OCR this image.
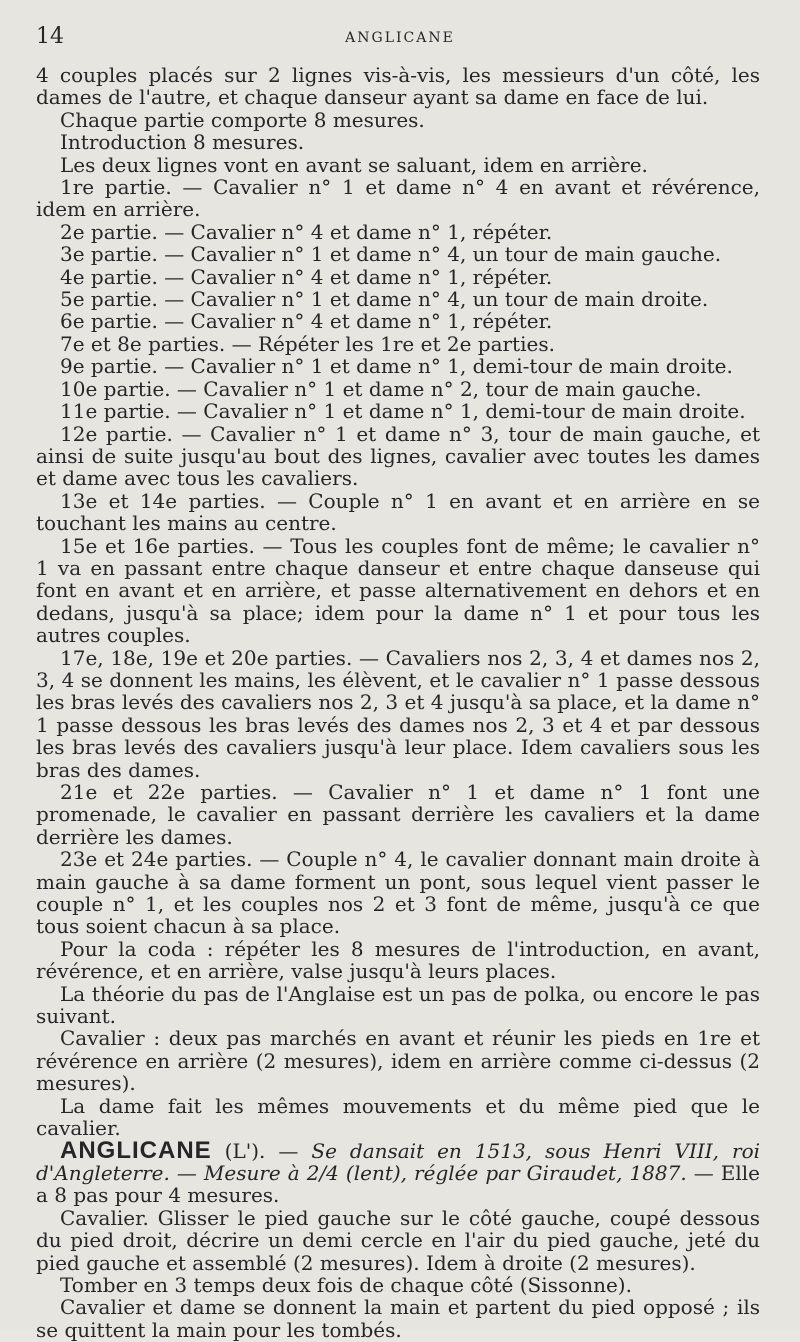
14	ANGLICANE

4 couples placés sur 2 lignes vis-à-vis, les messieurs d'un côté, les dames de l'autre, et chaque danseur ayant sa dame en face de lui.

Chaque partie comporte 8 mesures.

Introduction 8 mesures.

Les deux lignes vont en avant se saluant, idem en arrière.

1re partie. — Cavalier n° 1 et dame n° 4 en avant et révérence, idem en arrière.

2e partie. — Cavalier n° 4 et dame n° 1, répéter.

3e partie. — Cavalier n° 1 et dame n° 4, un tour de main gauche.

4e partie. — Cavalier n° 4 et dame n° 1, répéter.

5e partie. — Cavalier n° 1 et dame n° 4, un tour de main droite.

6e partie. — Cavalier n° 4 et dame n° 1, répéter.

7e et 8e parties. — Répéter les 1re et 2e parties.

9e partie. — Cavalier n° 1 et dame n° 1, demi-tour de main droite.

10e partie. — Cavalier n° 1 et dame n° 2, tour de main gauche.

11e partie. — Cavalier n° 1 et dame n° 1, demi-tour de main droite.

12e partie. — Cavalier n° 1 et dame n° 3, tour de main gauche, et ainsi de suite jusqu'au bout des lignes, cavalier avec toutes les dames et dame avec tous les cavaliers.

13e et 14e parties. — Couple n° 1 en avant et en arrière en se touchant les mains au centre.

15e et 16e parties. — Tous les couples font de même; le cavalier n° 1 va en passant entre chaque danseur et entre chaque danseuse qui font en avant et en arrière, et passe alternativement en dehors et en dedans, jusqu'à sa place; idem pour la dame n° 1 et pour tous les autres couples.

17e, 18e, 19e et 20e parties. — Cavaliers nos 2, 3, 4 et dames nos 2, 3, 4 se donnent les mains, les élèvent, et le cavalier n° 1 passe dessous les bras levés des cavaliers nos 2, 3 et 4 jusqu'à sa place, et la dame n° 1 passe dessous les bras levés des dames nos 2, 3 et 4 et par dessous les bras levés des cavaliers jusqu'à leur place. Idem cavaliers sous les bras des dames.

21e et 22e parties. — Cavalier n° 1 et dame n° 1 font une promenade, le cavalier en passant derrière les cavaliers et la dame derrière les dames.

23e et 24e parties. — Couple n° 4, le cavalier donnant main droite à main gauche à sa dame forment un pont, sous lequel vient passer le couple n° 1, et les couples nos 2 et 3 font de même, jusqu'à ce que tous soient chacun à sa place.

Pour la coda : répéter les 8 mesures de l'introduction, en avant, révérence, et en arrière, valse jusqu'à leurs places.

La théorie du pas de l'Anglaise est un pas de polka, ou encore le pas suivant.

Cavalier : deux pas marchés en avant et réunir les pieds en 1re et révérence en arrière (2 mesures), idem en arrière comme ci-dessus (2 mesures).

La dame fait les mêmes mouvements et du même pied que le cavalier.

ANGLICANE (L'). — Se dansait en 1513, sous Henri VIII, roi d'Angleterre. — Mesure à 2/4 (lent), réglée par Giraudet, 1887. — Elle a 8 pas pour 4 mesures.

Cavalier. Glisser le pied gauche sur le côté gauche, coupé dessous du pied droit, décrire un demi cercle en l'air du pied gauche, jeté du pied gauche et assemblé (2 mesures). Idem à droite (2 mesures).

Tomber en 3 temps deux fois de chaque côté (Sissonne).

Cavalier et dame se donnent la main et partent du pied opposé ; ils se quittent la main pour les tombés.
